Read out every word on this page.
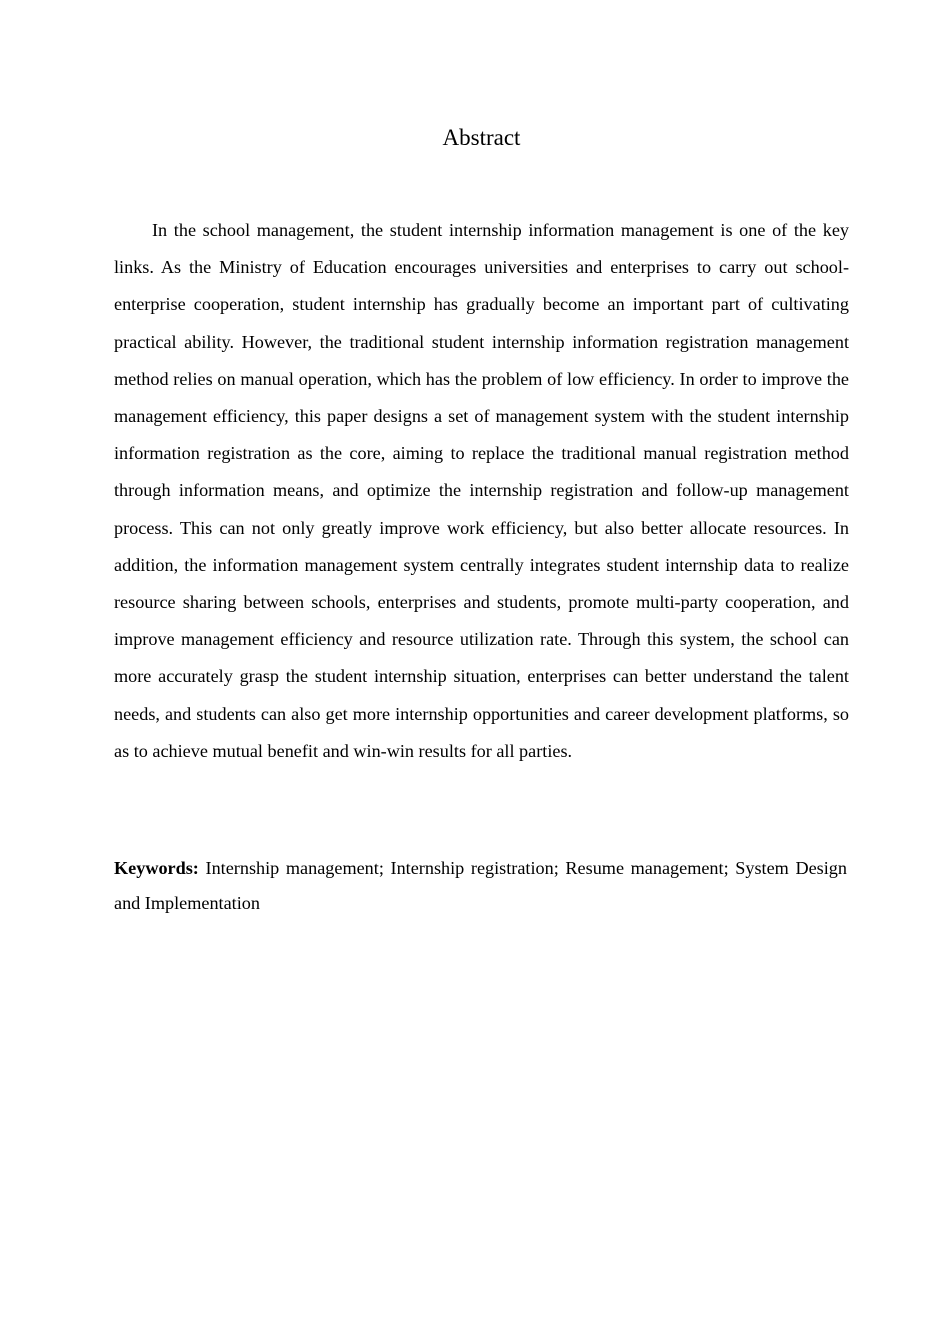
Abstract

In the school management, the student internship information management is one of the key links. As the Ministry of Education encourages universities and enterprises to carry out school-enterprise cooperation, student internship has gradually become an important part of cultivating practical ability. However, the traditional student internship information registration management method relies on manual operation, which has the problem of low efficiency. In order to improve the management efficiency, this paper designs a set of management system with the student internship information registration as the core, aiming to replace the traditional manual registration method through information means, and optimize the internship registration and follow-up management process. This can not only greatly improve work efficiency, but also better allocate resources. In addition, the information management system centrally integrates student internship data to realize resource sharing between schools, enterprises and students, promote multi-party cooperation, and improve management efficiency and resource utilization rate. Through this system, the school can more accurately grasp the student internship situation, enterprises can better understand the talent needs, and students can also get more internship opportunities and career development platforms, so as to achieve mutual benefit and win-win results for all parties.

Keywords: Internship management; Internship registration; Resume management; System Design and Implementation
